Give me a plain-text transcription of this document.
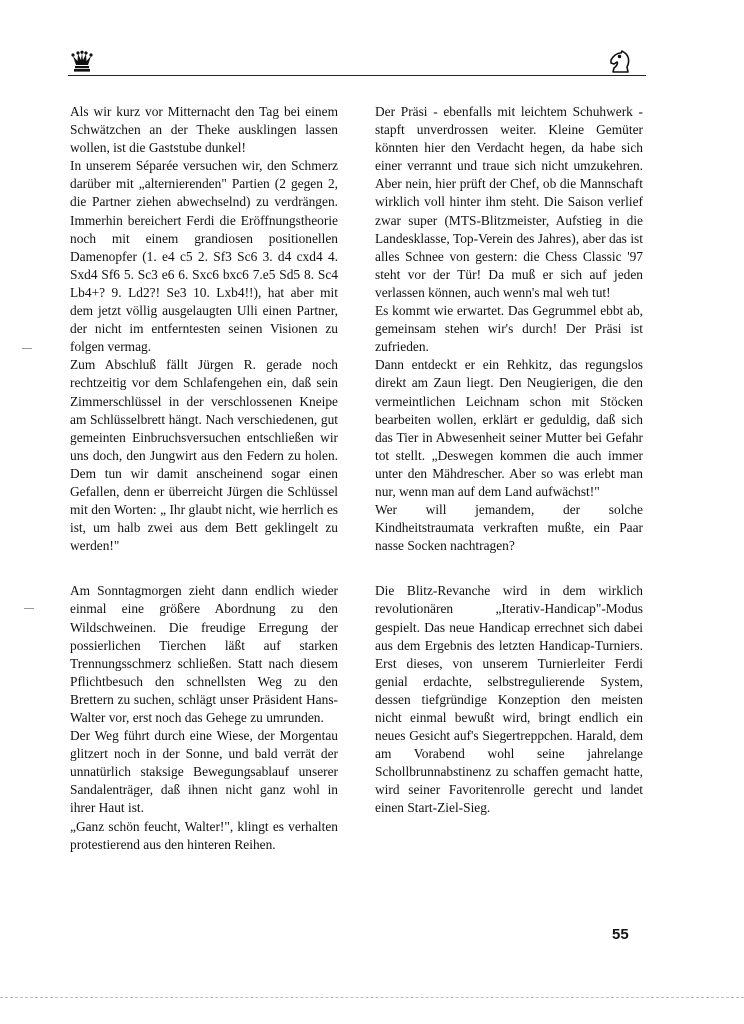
Als wir kurz vor Mitternacht den Tag bei einem Schwätzchen an der Theke ausklingen lassen wollen, ist die Gaststube dunkel!

In unserem Séparée versuchen wir, den Schmerz darüber mit „alternierenden" Partien (2 gegen 2, die Partner ziehen abwechselnd) zu verdrängen. Immerhin bereichert Ferdi die Eröffnungstheorie noch mit einem grandiosen positionellen Damenopfer (1. e4 c5 2. Sf3 Sc6 3. d4 cxd4 4. Sxd4 Sf6 5. Sc3 e6 6. Sxc6 bxc6 7.e5 Sd5 8. Sc4 Lb4+? 9. Ld2?! Se3 10. Lxb4!!), hat aber mit dem jetzt völlig ausgelaugten Ulli einen Partner, der nicht im entferntesten seinen Visionen zu folgen vermag.

Zum Abschluß fällt Jürgen R. gerade noch rechtzeitig vor dem Schlafengehen ein, daß sein Zimmerschlüssel in der verschlossenen Kneipe am Schlüsselbrett hängt. Nach verschiedenen, gut gemeinten Einbruchsversuchen entschließen wir uns doch, den Jungwirt aus den Federn zu holen. Dem tun wir damit anscheinend sogar einen Gefallen, denn er überreicht Jürgen die Schlüssel mit den Worten: „ Ihr glaubt nicht, wie herrlich es ist, um halb zwei aus dem Bett geklingelt zu werden!"

Am Sonntagmorgen zieht dann endlich wieder einmal eine größere Abordnung zu den Wildschweinen. Die freudige Erregung der possierlichen Tierchen läßt auf starken Trennungsschmerz schließen. Statt nach diesem Pflichtbesuch den schnellsten Weg zu den Brettern zu suchen, schlägt unser Präsident Hans-Walter vor, erst noch das Gehege zu umrunden.

Der Weg führt durch eine Wiese, der Morgentau glitzert noch in der Sonne, und bald verrät der unnatürlich staksige Bewegungsablauf unserer Sandalenträger, daß ihnen nicht ganz wohl in ihrer Haut ist.

„Ganz schön feucht, Walter!", klingt es verhalten protestierend aus den hinteren Reihen.

Der Präsi - ebenfalls mit leichtem Schuhwerk - stapft unverdrossen weiter. Kleine Gemüter könnten hier den Verdacht hegen, da habe sich einer verrannt und traue sich nicht umzukehren. Aber nein, hier prüft der Chef, ob die Mannschaft wirklich voll hinter ihm steht. Die Saison verlief zwar super (MTS-Blitzmeister, Aufstieg in die Landesklasse, Top-Verein des Jahres), aber das ist alles Schnee von gestern: die Chess Classic '97 steht vor der Tür! Da muß er sich auf jeden verlassen können, auch wenn's mal weh tut!

Es kommt wie erwartet. Das Gegrummel ebbt ab, gemeinsam stehen wir's durch! Der Präsi ist zufrieden.

Dann entdeckt er ein Rehkitz, das regungslos direkt am Zaun liegt. Den Neugierigen, die den vermeintlichen Leichnam schon mit Stöcken bearbeiten wollen, erklärt er geduldig, daß sich das Tier in Abwesenheit seiner Mutter bei Gefahr tot stellt. „Deswegen kommen die auch immer unter den Mähdrescher. Aber so was erlebt man nur, wenn man auf dem Land aufwächst!"

Wer will jemandem, der solche Kindheitstraumata verkraften mußte, ein Paar nasse Socken nachtragen?

Die Blitz-Revanche wird in dem wirklich revolutionären „Iterativ-Handicap"-Modus gespielt. Das neue Handicap errechnet sich dabei aus dem Ergebnis des letzten Handicap-Turniers. Erst dieses, von unserem Turnierleiter Ferdi genial erdachte, selbstregulierende System, dessen tiefgründige Konzeption den meisten nicht einmal bewußt wird, bringt endlich ein neues Gesicht auf's Siegertreppchen. Harald, dem am Vorabend wohl seine jahrelange Schollbrunnabstinenz zu schaffen gemacht hatte, wird seiner Favoritenrolle gerecht und landet einen Start-Ziel-Sieg.

55
